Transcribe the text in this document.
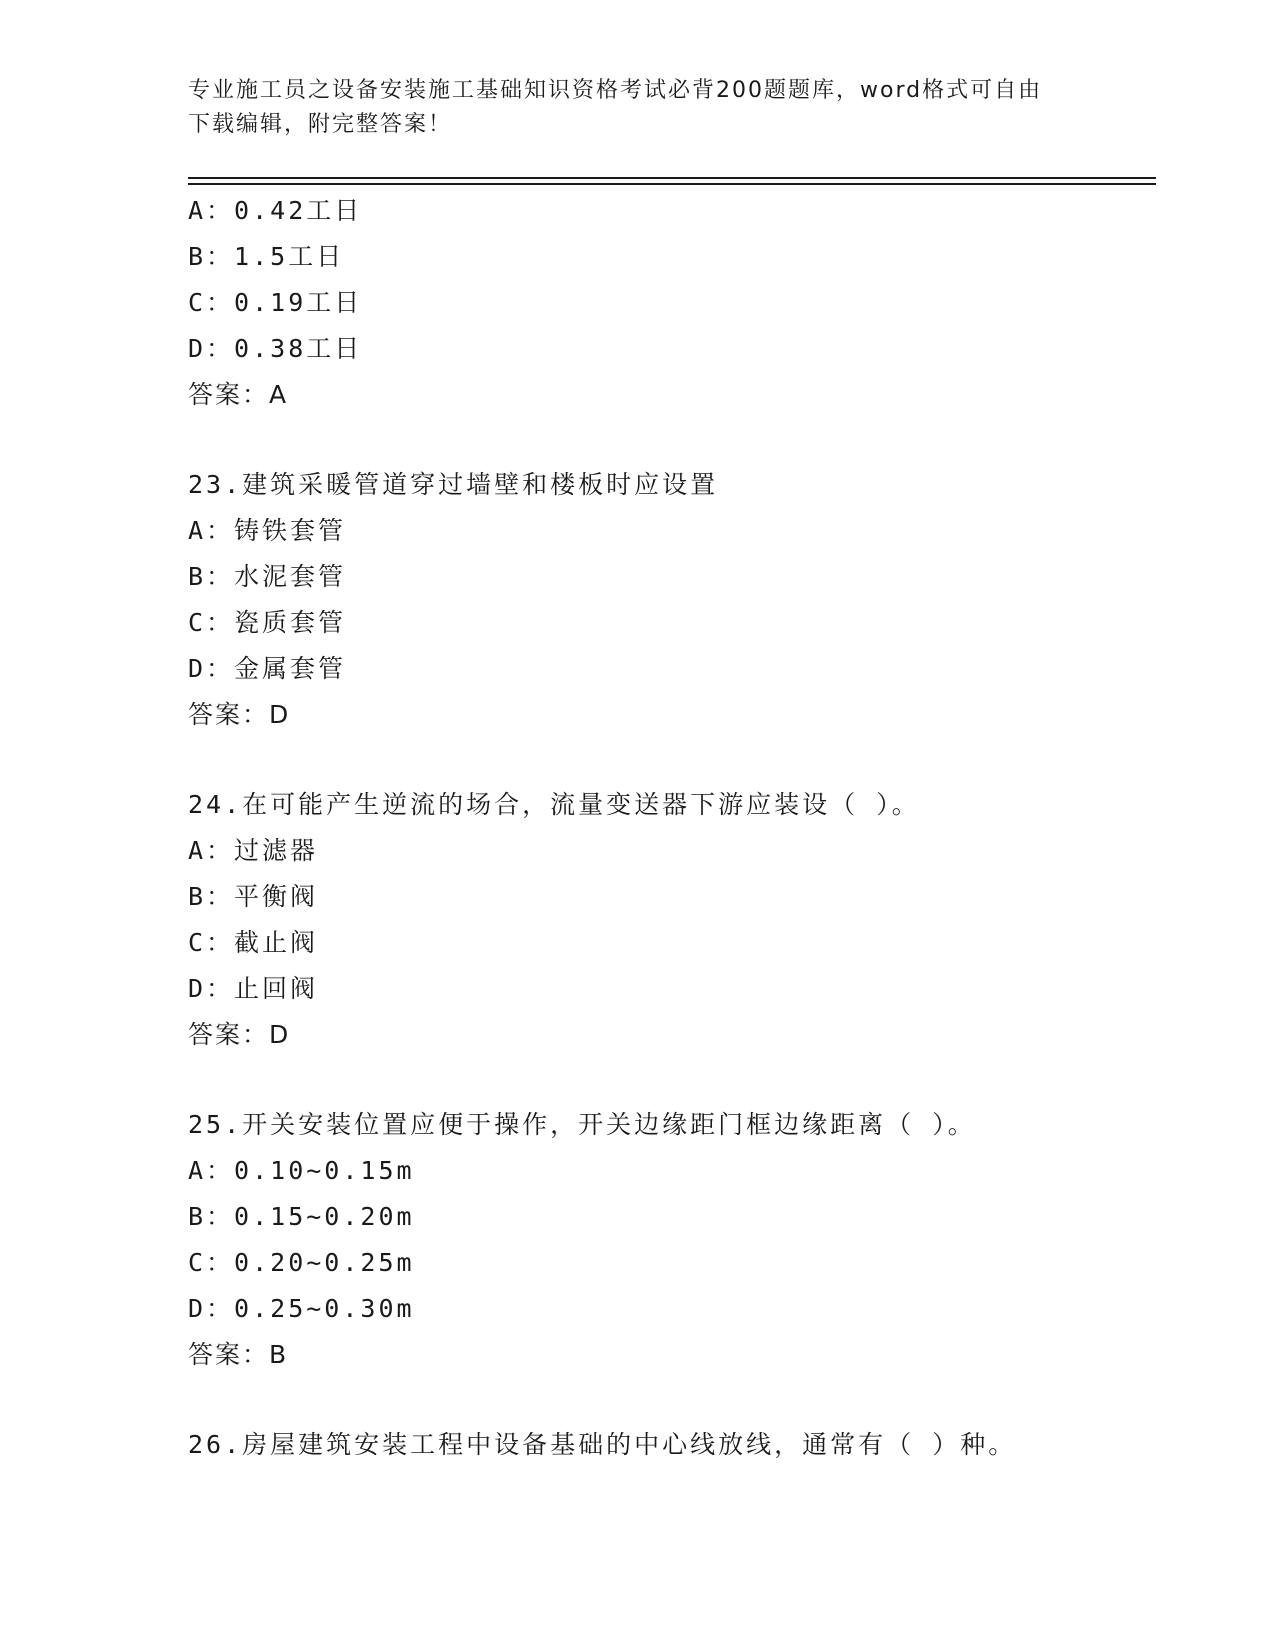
专业施工员之设备安装施工基础知识资格考试必背200题题库，word格式可自由
下载编辑，附完整答案！
A：0.42工日
B：1.5工日
C：0.19工日
D：0.38工日
答案：A
23.建筑采暖管道穿过墙壁和楼板时应设置
A：铸铁套管
B：水泥套管
C：瓷质套管
D：金属套管
答案：D
24.在可能产生逆流的场合，流量变送器下游应装设（ ）。
A：过滤器
B：平衡阀
C：截止阀
D：止回阀
答案：D
25.开关安装位置应便于操作，开关边缘距门框边缘距离（ ）。
A：0.10~0.15m
B：0.15~0.20m
C：0.20~0.25m
D：0.25~0.30m
答案：B
26.房屋建筑安装工程中设备基础的中心线放线，通常有（ ）种。
